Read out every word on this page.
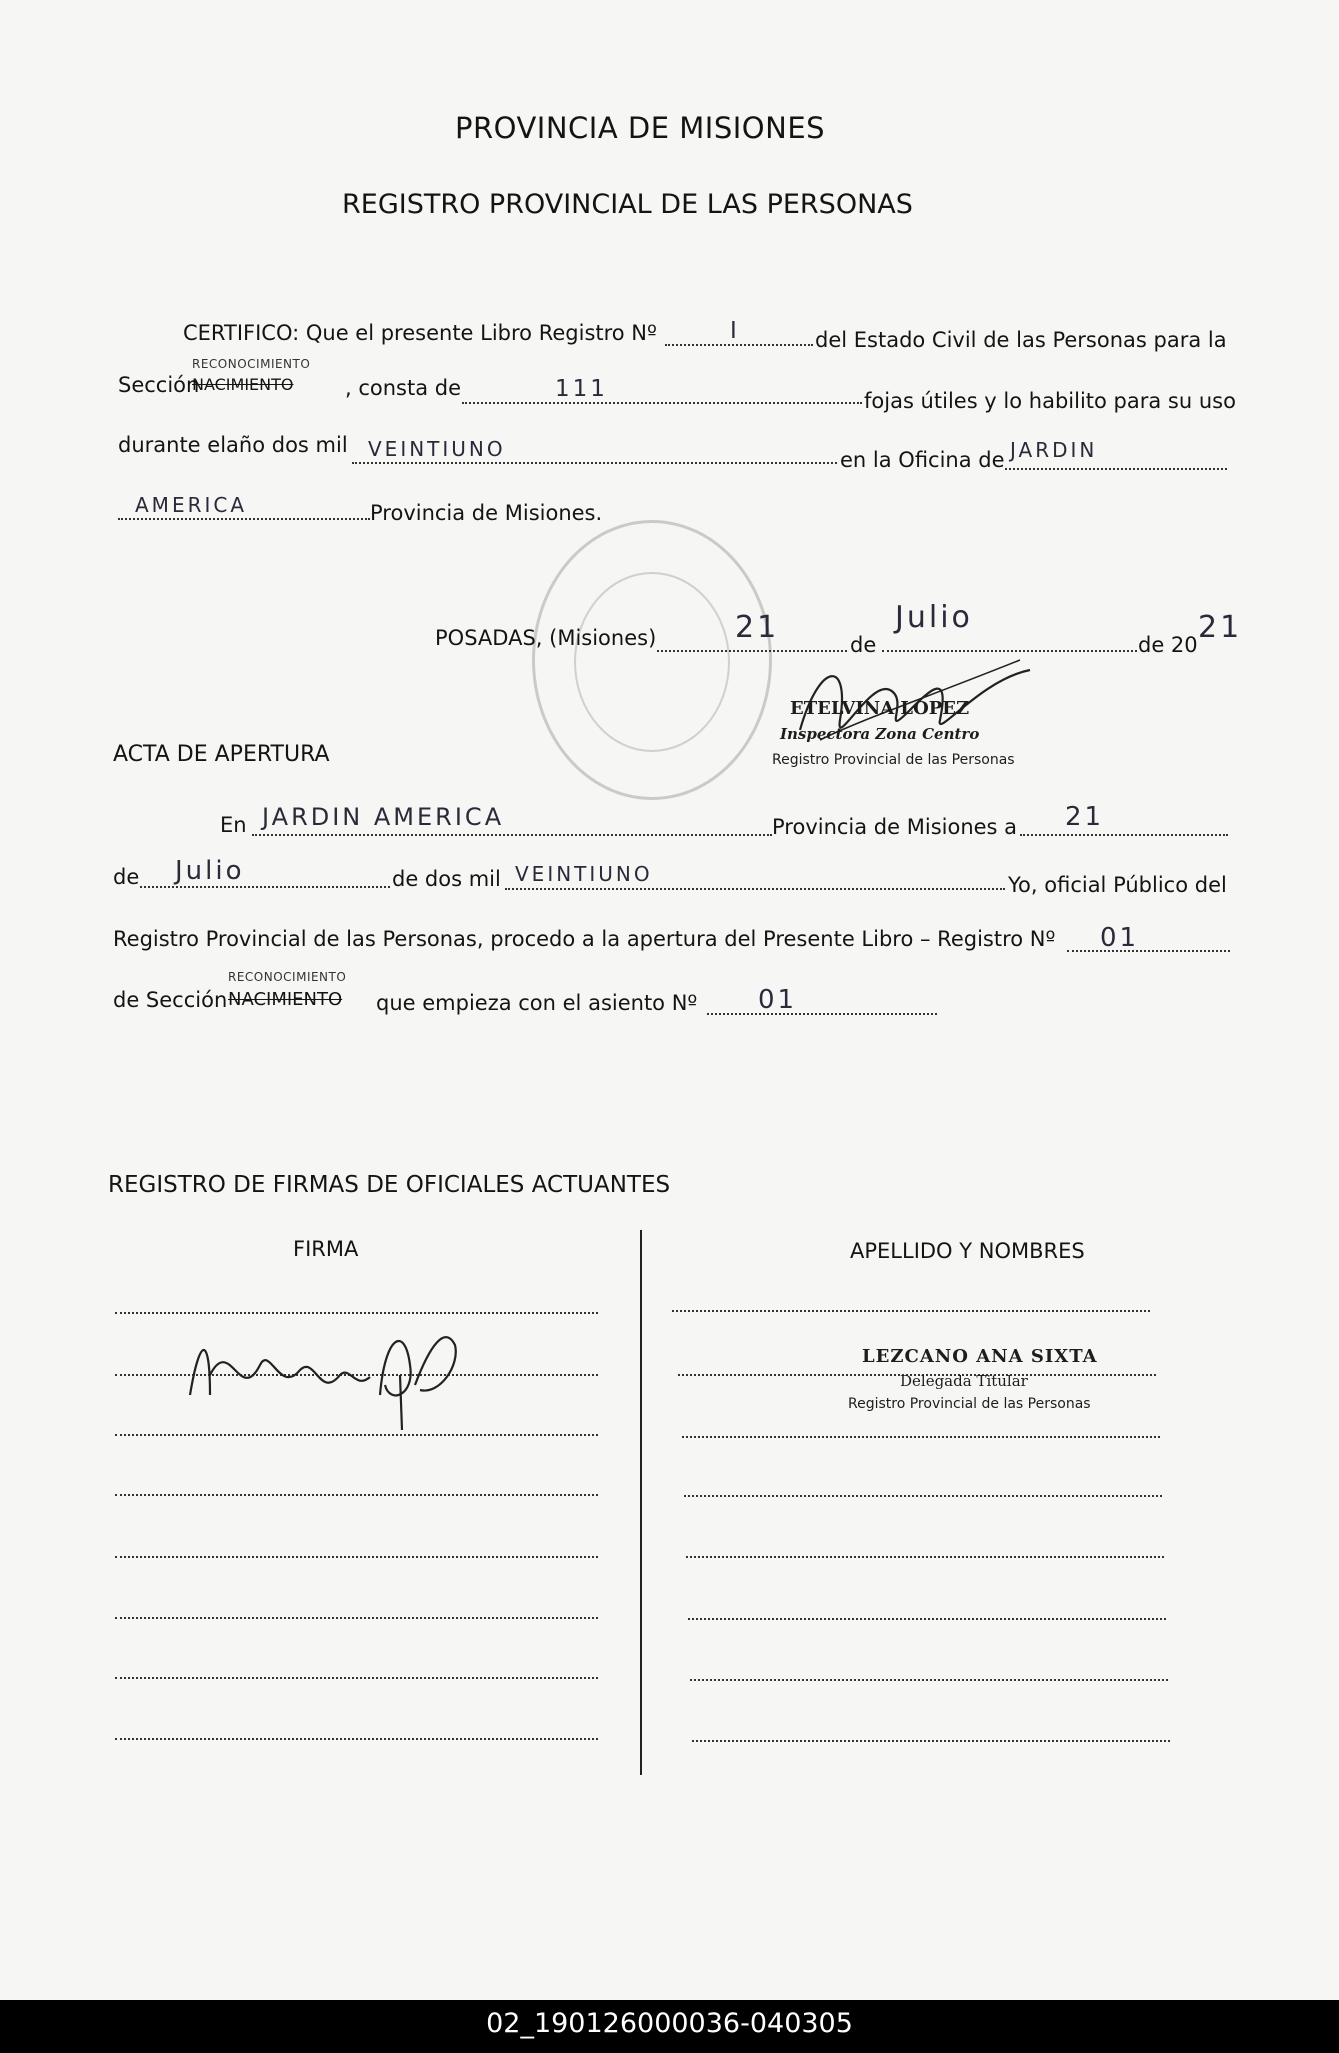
PROVINCIA DE MISIONES
REGISTRO PROVINCIAL DE LAS PERSONAS
CERTIFICO: Que el presente Libro Registro Nº	I	del Estado Civil de las Personas para la
Sección
RECONOCIMIENTO
NACIMIENTO , consta de	111	fojas útiles y lo habilito para su uso
durante elaño dos mil VEINTIUNO	en la Oficina de JARDIN
AMERICA	Provincia de Misiones.
POSADAS, (Misiones)	21	de
Julio
de 20 21
ETELVINA LÓPEZ
Inspectora Zona Centro
Registro Provincial de las Personas
ACTA DE APERTURA
En JARDIN AMERICA	Provincia de Misiones a 21
de Julio	de dos mil VEINTIUNO	Yo, oficial Público del
Registro Provincial de las Personas, procedo a la apertura del Presente Libro – Registro Nº 01
de Sección
RECONOCIMIENTO
NACIMIENTO que empieza con el asiento Nº 01
REGISTRO DE FIRMAS DE OFICIALES ACTUANTES
FIRMA	APELLIDO Y NOMBRES
LEZCANO ANA SIXTA
Delegada Titular
Registro Provincial de las Personas
02_190126000036-040305
